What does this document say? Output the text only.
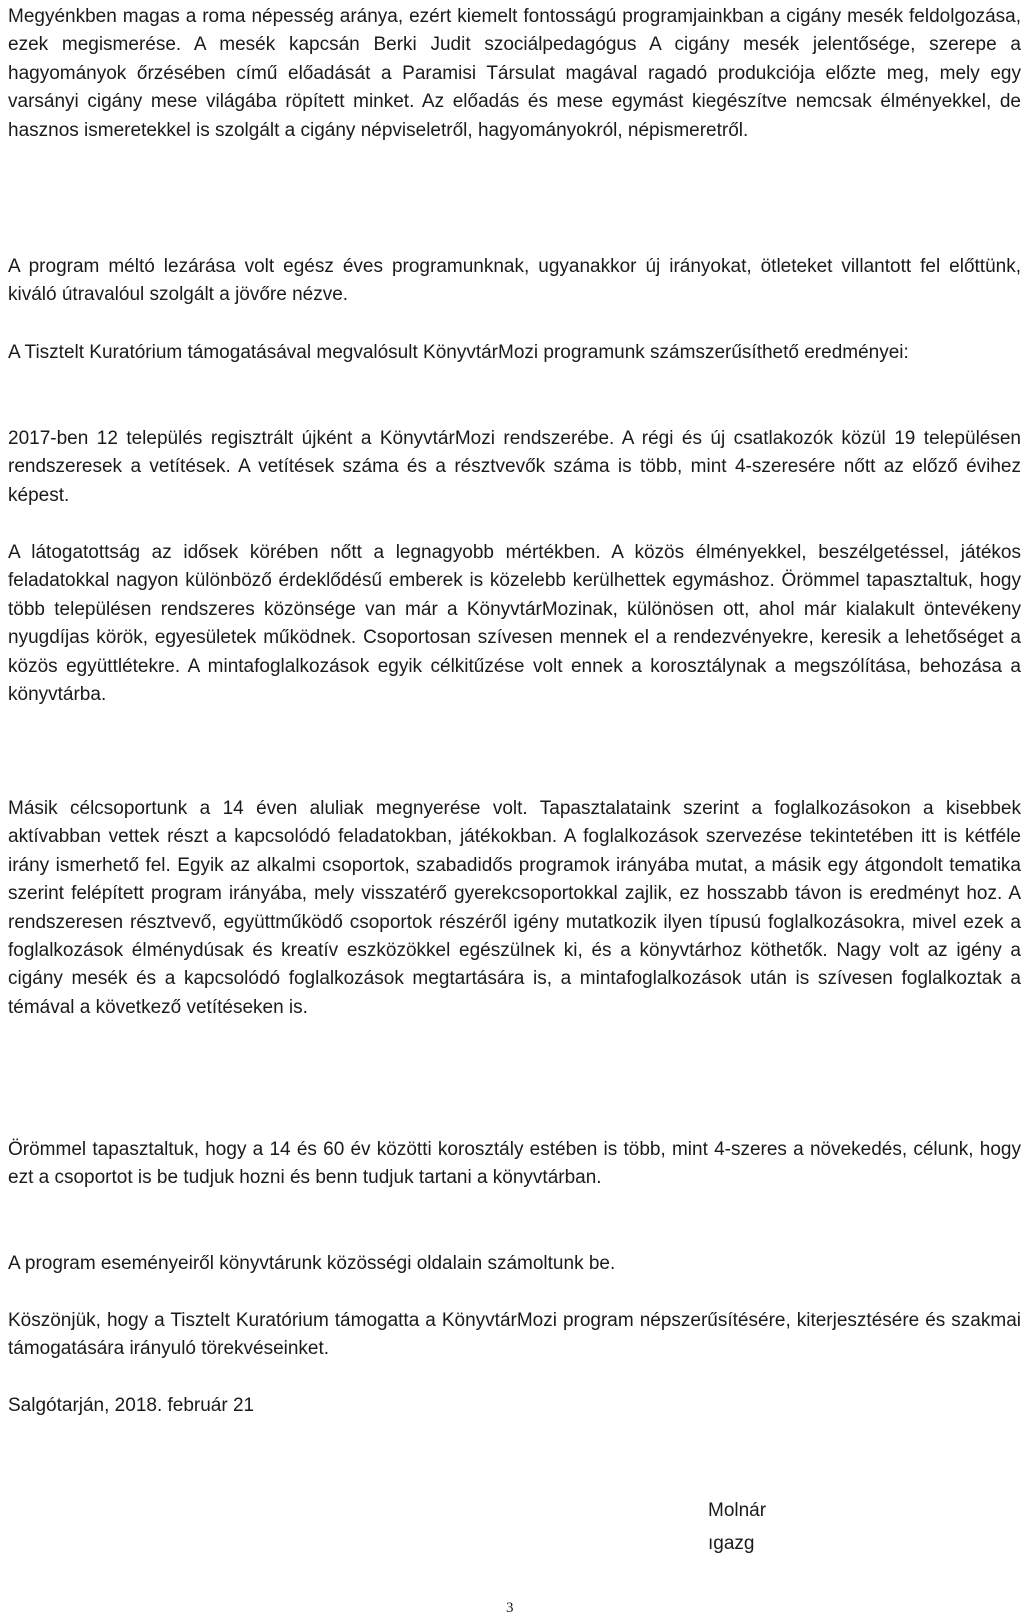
Megyénkben magas a roma népesség aránya, ezért kiemelt fontosságú programjainkban a cigány mesék feldolgozása, ezek megismerése. A mesék kapcsán Berki Judit szociálpedagógus A cigány mesék jelentősége, szerepe a hagyományok őrzésében című előadását a Paramisi Társulat magával ragadó produkciója előzte meg, mely egy varsányi cigány mese világába röpített minket. Az előadás és mese egymást kiegészítve nemcsak élményekkel, de hasznos ismeretekkel is szolgált a cigány népviseletről, hagyományokról, népismeretről.

A program méltó lezárása volt egész éves programunknak, ugyanakkor új irányokat, ötleteket villantott fel előttünk, kiváló útravalóul szolgált a jövőre nézve.

A Tisztelt Kuratórium támogatásával megvalósult KönyvtárMozi programunk számszerűsíthető eredményei:

2017-ben 12 település regisztrált újként a KönyvtárMozi rendszerébe. A régi és új csatlakozók közül 19 településen rendszeresek a vetítések. A vetítések száma és a résztvevők száma is több, mint 4-szeresére nőtt az előző évihez képest.

A látogatottság az idősek körében nőtt a legnagyobb mértékben. A közös élményekkel, beszélgetéssel, játékos feladatokkal nagyon különböző érdeklődésű emberek is közelebb kerülhettek egymáshoz. Örömmel tapasztaltuk, hogy több településen rendszeres közönsége van már a KönyvtárMozinak, különösen ott, ahol már kialakult öntevékeny nyugdíjas körök, egyesületek működnek. Csoportosan szívesen mennek el a rendezvényekre, keresik a lehetőséget a közös együttlétekre. A mintafoglalkozások egyik célkitűzése volt ennek a korosztálynak a megszólítása, behozása a könyvtárba.

Másik célcsoportunk a 14 éven aluliak megnyerése volt. Tapasztalataink szerint a foglalkozásokon a kisebbek aktívabban vettek részt a kapcsolódó feladatokban, játékokban. A foglalkozások szervezése tekintetében itt is kétféle irány ismerhető fel. Egyik az alkalmi csoportok, szabadidős programok irányába mutat, a másik egy átgondolt tematika szerint felépített program irányába, mely visszatérő gyerekcsoportokkal zajlik, ez hosszabb távon is eredményt hoz. A rendszeresen résztvevő, együttműködő csoportok részéről igény mutatkozik ilyen típusú foglalkozásokra, mivel ezek a foglalkozások élménydúsak és kreatív eszközökkel egészülnek ki, és a könyvtárhoz köthetők. Nagy volt az igény a cigány mesék és a kapcsolódó foglalkozások megtartására is, a mintafoglalkozások után is szívesen foglalkoztak a témával a következő vetítéseken is.

Örömmel tapasztaltuk, hogy a 14 és 60 év közötti korosztály estében is több, mint 4-szeres a növekedés, célunk, hogy ezt a csoportot is be tudjuk hozni és benn tudjuk tartani a könyvtárban.

A program eseményeiről könyvtárunk közösségi oldalain számoltunk be.

Köszönjük, hogy a Tisztelt Kuratórium támogatta a KönyvtárMozi program népszerűsítésére, kiterjesztésére és szakmai támogatására irányuló törekvéseinket.

Salgótarján, 2018. február 21

Molnár

ıgazg

3
